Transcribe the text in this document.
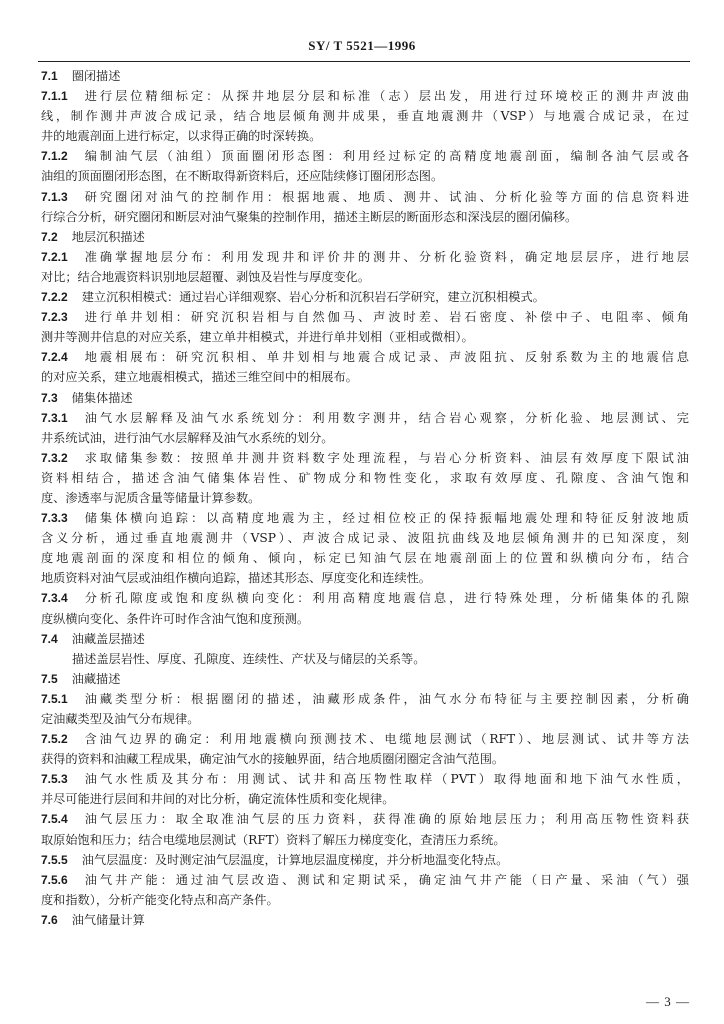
SY/ T 5521—1996
7.1 圈闭描述
7.1.1 进行层位精细标定：从探井地层分层和标准（志）层出发，用进行过环境校正的测井声波曲
线，制作测井声波合成记录，结合地层倾角测井成果，垂直地震测井（VSP）与地震合成记录，在过
井的地震剖面上进行标定，以求得正确的时深转换。
7.1.2 编制油气层（油组）顶面圈闭形态图：利用经过标定的高精度地震剖面，编制各油气层或各
油组的顶面圈闭形态图，在不断取得新资料后，还应陆续修订圈闭形态图。
7.1.3 研究圈闭对油气的控制作用：根据地震、地质、测井、试油、分析化验等方面的信息资料进
行综合分析，研究圈闭和断层对油气聚集的控制作用，描述主断层的断面形态和深浅层的圈闭偏移。
7.2 地层沉积描述
7.2.1 准确掌握地层分布：利用发现井和评价井的测井、分析化验资料，确定地层层序，进行地层
对比；结合地震资料识别地层超覆、剥蚀及岩性与厚度变化。
7.2.2 建立沉积相模式：通过岩心详细观察、岩心分析和沉积岩石学研究，建立沉积相模式。
7.2.3 进行单井划相：研究沉积岩相与自然伽马、声波时差、岩石密度、补偿中子、电阻率、倾角
测井等测井信息的对应关系，建立单井相模式，并进行单井划相（亚相或微相）。
7.2.4 地震相展布：研究沉积相、单井划相与地震合成记录、声波阻抗、反射系数为主的地震信息
的对应关系，建立地震相模式，描述三维空间中的相展布。
7.3 储集体描述
7.3.1 油气水层解释及油气水系统划分：利用数字测井，结合岩心观察，分析化验、地层测试、完
井系统试油，进行油气水层解释及油气水系统的划分。
7.3.2 求取储集参数：按照单井测井资料数字处理流程，与岩心分析资料、油层有效厚度下限试油
资料相结合，描述含油气储集体岩性、矿物成分和物性变化，求取有效厚度、孔隙度、含油气饱和
度、渗透率与泥质含量等储量计算参数。
7.3.3 储集体横向追踪：以高精度地震为主，经过相位校正的保持振幅地震处理和特征反射波地质
含义分析，通过垂直地震测井（VSP）、声波合成记录、波阻抗曲线及地层倾角测井的已知深度，刻
度地震剖面的深度和相位的倾角、倾向，标定已知油气层在地震剖面上的位置和纵横向分布，结合
地质资料对油气层或油组作横向追踪，描述其形态、厚度变化和连续性。
7.3.4 分析孔隙度或饱和度纵横向变化：利用高精度地震信息，进行特殊处理，分析储集体的孔隙
度纵横向变化、条件许可时作含油气饱和度预测。
7.4 油藏盖层描述
描述盖层岩性、厚度、孔隙度、连续性、产状及与储层的关系等。
7.5 油藏描述
7.5.1 油藏类型分析：根据圈闭的描述，油藏形成条件，油气水分布特征与主要控制因素，分析确
定油藏类型及油气分布规律。
7.5.2 含油气边界的确定：利用地震横向预测技术、电缆地层测试（RFT）、地层测试、试井等方法
获得的资料和油藏工程成果，确定油气水的接触界面，结合地质圈闭圈定含油气范围。
7.5.3 油气水性质及其分布：用测试、试井和高压物性取样（PVT）取得地面和地下油气水性质，
并尽可能进行层间和井间的对比分析，确定流体性质和变化规律。
7.5.4 油气层压力：取全取准油气层的压力资料，获得准确的原始地层压力；利用高压物性资料获
取原始饱和压力；结合电缆地层测试（RFT）资料了解压力梯度变化，查清压力系统。
7.5.5 油气层温度：及时测定油气层温度，计算地层温度梯度，并分析地温变化特点。
7.5.6 油气井产能：通过油气层改造、测试和定期试采，确定油气井产能（日产量、采油（气）强
度和指数），分析产能变化特点和高产条件。
7.6 油气储量计算
— 3 —
